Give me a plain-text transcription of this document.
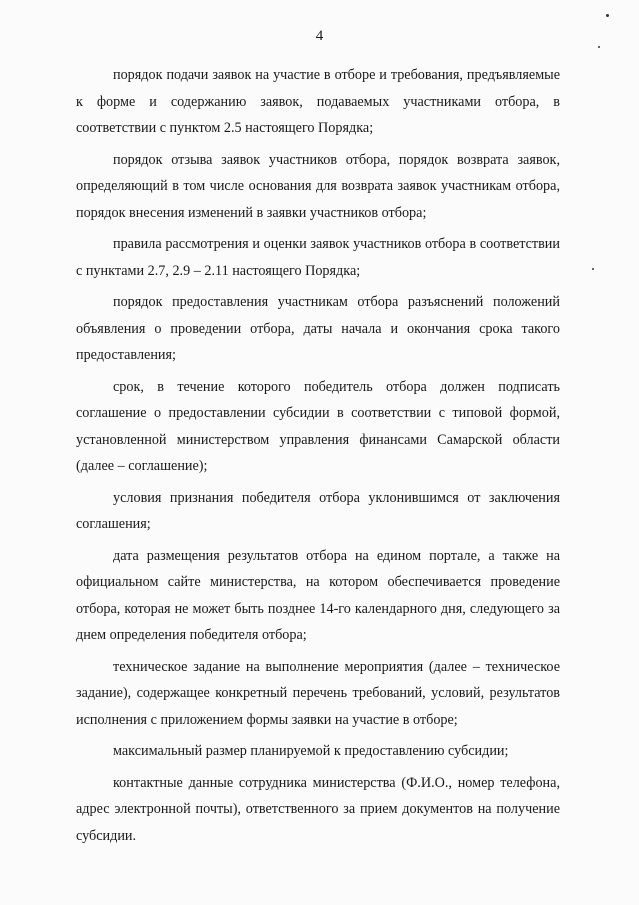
4

порядок подачи заявок на участие в отборе и требования, предъявляемые к форме и содержанию заявок, подаваемых участниками отбора, в соответствии с пунктом 2.5 настоящего Порядка;

порядок отзыва заявок участников отбора, порядок возврата заявок, определяющий в том числе основания для возврата заявок участникам отбора, порядок внесения изменений в заявки участников отбора;

правила рассмотрения и оценки заявок участников отбора в соответствии с пунктами 2.7, 2.9 – 2.11 настоящего Порядка;

порядок предоставления участникам отбора разъяснений положений объявления о проведении отбора, даты начала и окончания срока такого предоставления;

срок, в течение которого победитель отбора должен подписать соглашение о предоставлении субсидии в соответствии с типовой формой, установленной министерством управления финансами Самарской области (далее – соглашение);

условия признания победителя отбора уклонившимся от заключения соглашения;

дата размещения результатов отбора на едином портале, а также на официальном сайте министерства, на котором обеспечивается проведение отбора, которая не может быть позднее 14-го календарного дня, следующего за днем определения победителя отбора;

техническое задание на выполнение мероприятия (далее – техническое задание), содержащее конкретный перечень требований, условий, результатов исполнения с приложением формы заявки на участие в отборе;

максимальный размер планируемой к предоставлению субсидии;

контактные данные сотрудника министерства (Ф.И.О., номер телефона, адрес электронной почты), ответственного за прием документов на получение субсидии.
